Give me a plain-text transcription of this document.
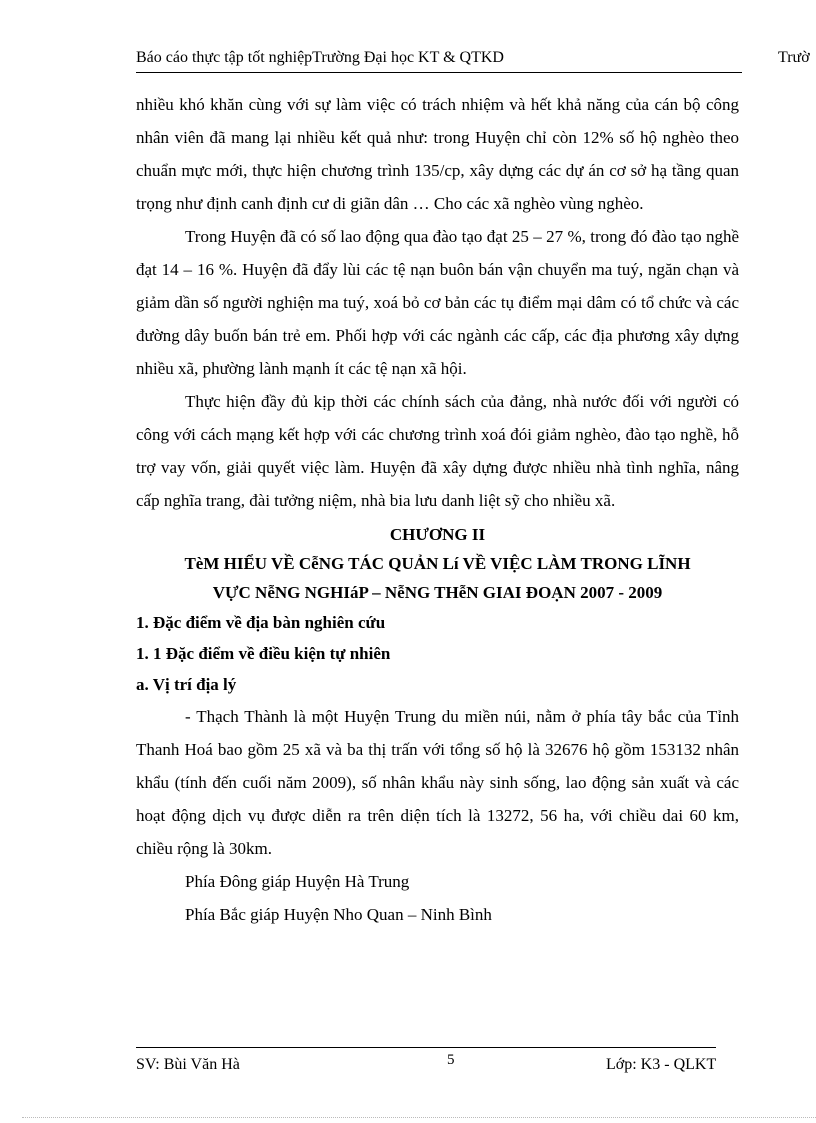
Báo cáo thực tập tốt nghiệpTrường Đại học KT & QTKD	Trườ

nhiều khó khăn cùng với sự làm việc có trách nhiệm và hết khả năng của cán bộ công nhân viên đã mang lại nhiều kết quả như: trong Huyện chỉ còn 12% số hộ nghèo theo chuẩn mực mới, thực hiện chương trình 135/cp, xây dựng các dự án cơ sở hạ tầng quan trọng như định canh định cư di giãn dân … Cho các xã nghèo vùng nghèo.

Trong Huyện đã có số lao động qua đào tạo đạt 25 – 27 %, trong đó đào tạo nghề đạt 14 – 16 %. Huyện đã đẩy lùi các tệ nạn buôn bán vận chuyển ma tuý, ngăn chạn và giảm dần số người nghiện ma tuý, xoá bỏ cơ bản các tụ điểm mại dâm có tổ chức và các đường dây buốn bán trẻ em. Phối hợp với các ngành các cấp, các địa phương xây dựng nhiều xã, phường lành mạnh ít các tệ nạn xã hội.

Thực hiện đầy đủ kịp thời các chính sách của đảng, nhà nước đối với người có công với cách mạng kết hợp với các chương trình xoá đói giảm nghèo, đào tạo nghề, hỗ trợ vay vốn, giải quyết việc làm. Huyện đã xây dựng được nhiều nhà tình nghĩa, nâng cấp nghĩa trang, đài tưởng niệm, nhà bia lưu danh liệt sỹ cho nhiều xã.

CHƯƠNG II

TèM HIỂU VỀ CễNG TÁC QUẢN Lí VỀ VIỆC LÀM TRONG LĨNH

VỰC NễNG NGHIáP – NễNG THễN GIAI ĐOẠN 2007 - 2009

1. Đặc điểm về địa bàn nghiên cứu

1. 1 Đặc điểm về điều kiện tự nhiên

a. Vị trí địa lý

- Thạch Thành là một Huyện Trung du miền núi, nằm ở phía tây bắc của Tỉnh Thanh Hoá bao gồm 25 xã và ba thị trấn với tổng số hộ là 32676 hộ gồm 153132 nhân khẩu (tính đến cuối năm 2009), số nhân khẩu này sinh sống, lao động sản xuất và các hoạt động dịch vụ được diễn ra trên diện tích là 13272, 56 ha, với chiều dai 60 km, chiều rộng là 30km.

Phía Đông giáp Huyện Hà Trung

Phía Bắc giáp Huyện Nho Quan – Ninh Bình

SV: Bùi Văn Hà	5	Lớp: K3 - QLKT
